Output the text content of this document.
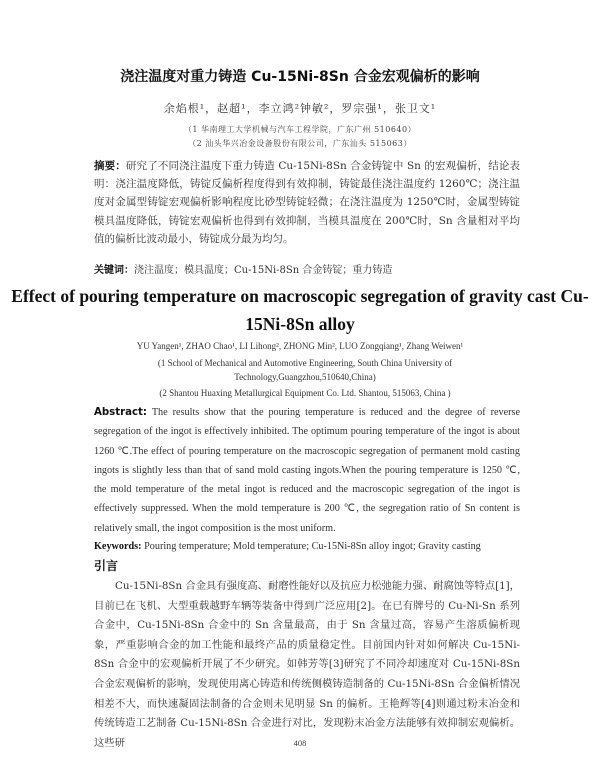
浇注温度对重力铸造 Cu-15Ni-8Sn 合金宏观偏析的影响
余焰根¹，赵超¹，李立鸿²钟敏²，罗宗强¹，张卫文¹
（1 华南理工大学机械与汽车工程学院，广东广州 510640）
（2 汕头华兴冶金设备股份有限公司，广东汕头 515063）
摘要：研究了不同浇注温度下重力铸造 Cu-15Ni-8Sn 合金铸锭中 Sn 的宏观偏析，结论表明：浇注温度降低，铸锭反偏析程度得到有效抑制，铸锭最佳浇注温度约 1260℃；浇注温度对金属型铸锭宏观偏析影响程度比砂型铸锭轻微；在浇注温度为 1250℃时，金属型铸锭模具温度降低，铸锭宏观偏析也得到有效抑制，当模具温度在 200℃时，Sn 含量相对平均值的偏析比波动最小，铸锭成分最为均匀。
关键词：浇注温度；模具温度；Cu-15Ni-8Sn 合金铸锭；重力铸造
Effect of pouring temperature on macroscopic segregation of gravity cast Cu-15Ni-8Sn alloy
YU Yangen¹, ZHAO Chao¹, LI Lihong², ZHONG Min², LUO Zongqiang¹, Zhang Weiwen¹
(1 School of Mechanical and Automotive Engineering, South China University of Technology,Guangzhou,510640,China)
(2 Shantou Huaxing Metallurgical Equipment Co. Ltd. Shantou, 515063, China )
Abstract: The results show that the pouring temperature is reduced and the degree of reverse segregation of the ingot is effectively inhibited. The optimum pouring temperature of the ingot is about 1260 ℃.The effect of pouring temperature on the macroscopic segregation of permanent mold casting ingots is slightly less than that of sand mold casting ingots.When the pouring temperature is 1250 ℃, the mold temperature of the metal ingot is reduced and the macroscopic segregation of the ingot is effectively suppressed. When the mold temperature is 200 ℃, the segregation ratio of Sn content is relatively small, the ingot composition is the most uniform.
Keywords: Pouring temperature; Mold temperature; Cu-15Ni-8Sn alloy ingot; Gravity casting
引言
Cu-15Ni-8Sn 合金具有强度高、耐磨性能好以及抗应力松弛能力强、耐腐蚀等特点[1]，目前已在飞机、大型重载越野车辆等装备中得到广泛应用[2]。在已有牌号的 Cu-Ni-Sn 系列合金中，Cu-15Ni-8Sn 合金中的 Sn 含量最高，由于 Sn 含量过高，容易产生溶质偏析现象，严重影响合金的加工性能和最终产品的质量稳定性。目前国内针对如何解决 Cu-15Ni-8Sn 合金中的宏观偏析开展了不少研究。如韩芳等[3]研究了不同冷却速度对 Cu-15Ni-8Sn 合金宏观偏析的影响，发现使用离心铸造和传统侧模铸造制备的 Cu-15Ni-8Sn 合金偏析情况相差不大，而快速凝固法制备的合金则未见明显 Sn 的偏析。王艳辉等[4]则通过粉末冶金和传统铸造工艺制备 Cu-15Ni-8Sn 合金进行对比，发现粉末冶金方法能够有效抑制宏观偏析。这些研	408
